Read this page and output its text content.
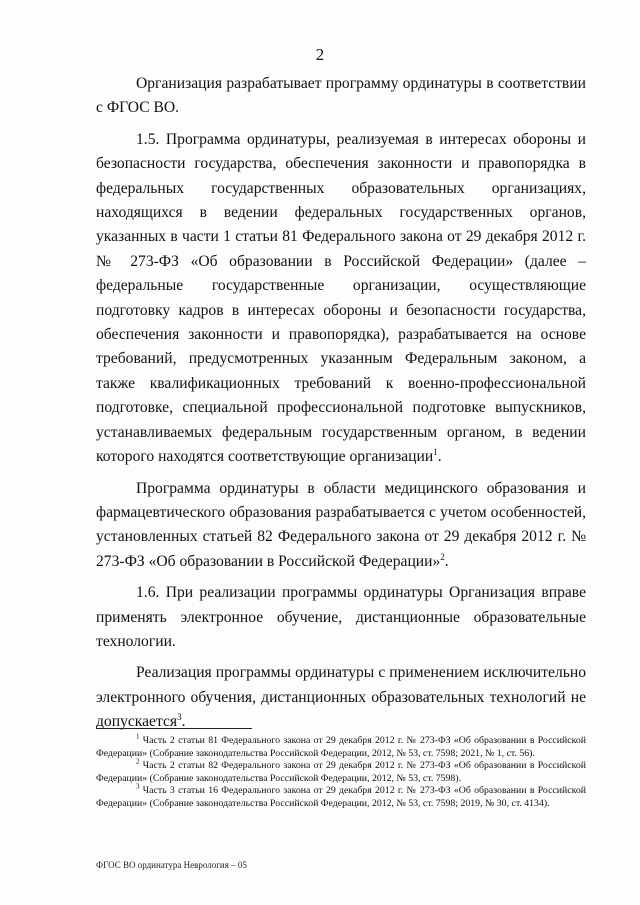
2

Организация разрабатывает программу ординатуры в соответствии с ФГОС ВО.

1.5. Программа ординатуры, реализуемая в интересах обороны и безопасности государства, обеспечения законности и правопорядка в федеральных государственных образовательных организациях, находящихся в ведении федеральных государственных органов, указанных в части 1 статьи 81 Федерального закона от 29 декабря 2012 г. № 273-ФЗ «Об образовании в Российской Федерации» (далее – федеральные государственные организации, осуществляющие подготовку кадров в интересах обороны и безопасности государства, обеспечения законности и правопорядка), разрабатывается на основе требований, предусмотренных указанным Федеральным законом, а также квалификационных требований к военно-профессиональной подготовке, специальной профессиональной подготовке выпускников, устанавливаемых федеральным государственным органом, в ведении которого находятся соответствующие организации$^1$.

Программа ординатуры в области медицинского образования и фармацевтического образования разрабатывается с учетом особенностей, установленных статьей 82 Федерального закона от 29 декабря 2012 г. № 273-ФЗ «Об образовании в Российской Федерации»$^2$.

1.6. При реализации программы ординатуры Организация вправе применять электронное обучение, дистанционные образовательные технологии.

Реализация программы ординатуры с применением исключительно электронного обучения, дистанционных образовательных технологий не допускается$^3$.

$^1$ Часть 2 статьи 81 Федерального закона от 29 декабря 2012 г. № 273-ФЗ «Об образовании в Российской Федерации» (Собрание законодательства Российской Федерации, 2012, № 53, ст. 7598; 2021, № 1, ст. 56).

$^2$ Часть 2 статьи 82 Федерального закона от 29 декабря 2012 г. № 273-ФЗ «Об образовании в Российской Федерации» (Собрание законодательства Российской Федерации, 2012, № 53, ст. 7598).

$^3$ Часть 3 статьи 16 Федерального закона от 29 декабря 2012 г. № 273-ФЗ «Об образовании в Российской Федерации» (Собрание законодательства Российской Федерации, 2012, № 53, ст. 7598; 2019, № 30, ст. 4134).

ФГОС ВО ординатура Неврология – 05
